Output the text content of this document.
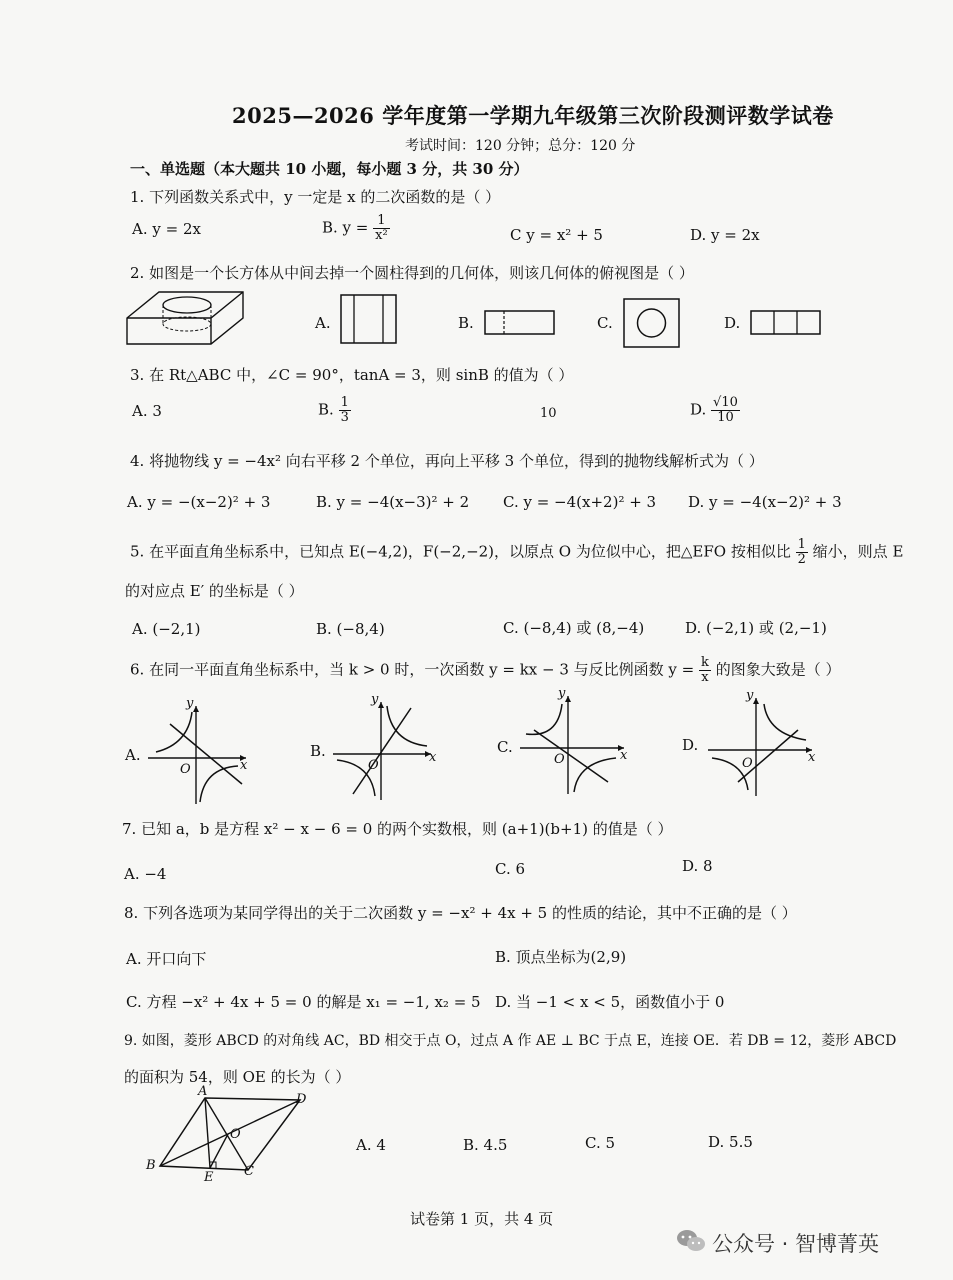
2025—2026 学年度第一学期九年级第三次阶段测评数学试卷
考试时间：120 分钟；总分：120 分
一、单选题（本大题共 10 小题，每小题 3 分，共 30 分）
1. 下列函数关系式中，y 一定是 x 的二次函数的是（ ）
A. y = 2x	B. $y = \frac{1}{\text{x²}}$	C y = x² + 5	D. y = 2x
2. 如图是一个长方体从中间去掉一个圆柱得到的几何体，则该几何体的俯视图是（ ）
A.	B.	C.	D.
3. 在 Rt△ABC 中，∠C = 90°，tanA = 3，则 sinB 的值为（ ）
A. 3	B. $\frac{1}{3}$	10	D. $\frac{√10}{10}$
4. 将抛物线 y = −4x² 向右平移 2 个单位，再向上平移 3 个单位，得到的抛物线解析式为（ ）
A. y = −(x−2)² + 3	B. y = −4(x−3)² + 2 C. y = −4(x+2)² + 3 D. y = −4(x−2)² + 3
5. 在平面直角坐标系中，已知点 E(−4,2)，F(−2,−2)，以原点 O 为位似中心，把△EFO 按相似比 $\frac{1}{2}$ 缩小，则点 E
的对应点 E′ 的坐标是（ ）
A. (−2,1)	B. (−8,4)	C. (−8,4) 或 (8,−4)	D. (−2,1) 或 (2,−1)
6. 在同一平面直角坐标系中，当 k > 0 时，一次函数 y = kx − 3 与反比例函数 $y = \frac{k}{x}$ 的图象大致是（ ）
A.
y
x
O
B.
y
x
O
C.
y
x
O
D.
y
x
O
7. 已知 a，b 是方程 x² − x − 6 = 0 的两个实数根，则 (a+1)(b+1) 的值是（ ）
A. −4	C. 6	D. 8
8. 下列各选项为某同学得出的关于二次函数 y = −x² + 4x + 5 的性质的结论，其中不正确的是（ ）
A. 开口向下	B. 顶点坐标为(2,9)
C. 方程 −x² + 4x + 5 = 0 的解是 x₁ = −1, x₂ = 5 D. 当 −1 < x < 5，函数值小于 0
9. 如图，菱形 ABCD 的对角线 AC，BD 相交于点 O，过点 A 作 AE ⊥ BC 于点 E，连接 OE．若 DB = 12，菱形 ABCD
的面积为 54，则 OE 的长为（ ）
A
D
O
B
E C
A. 4	B. 4.5	C. 5	D. 5.5
试卷第 1 页，共 4 页
公众号 · 智博菁英
